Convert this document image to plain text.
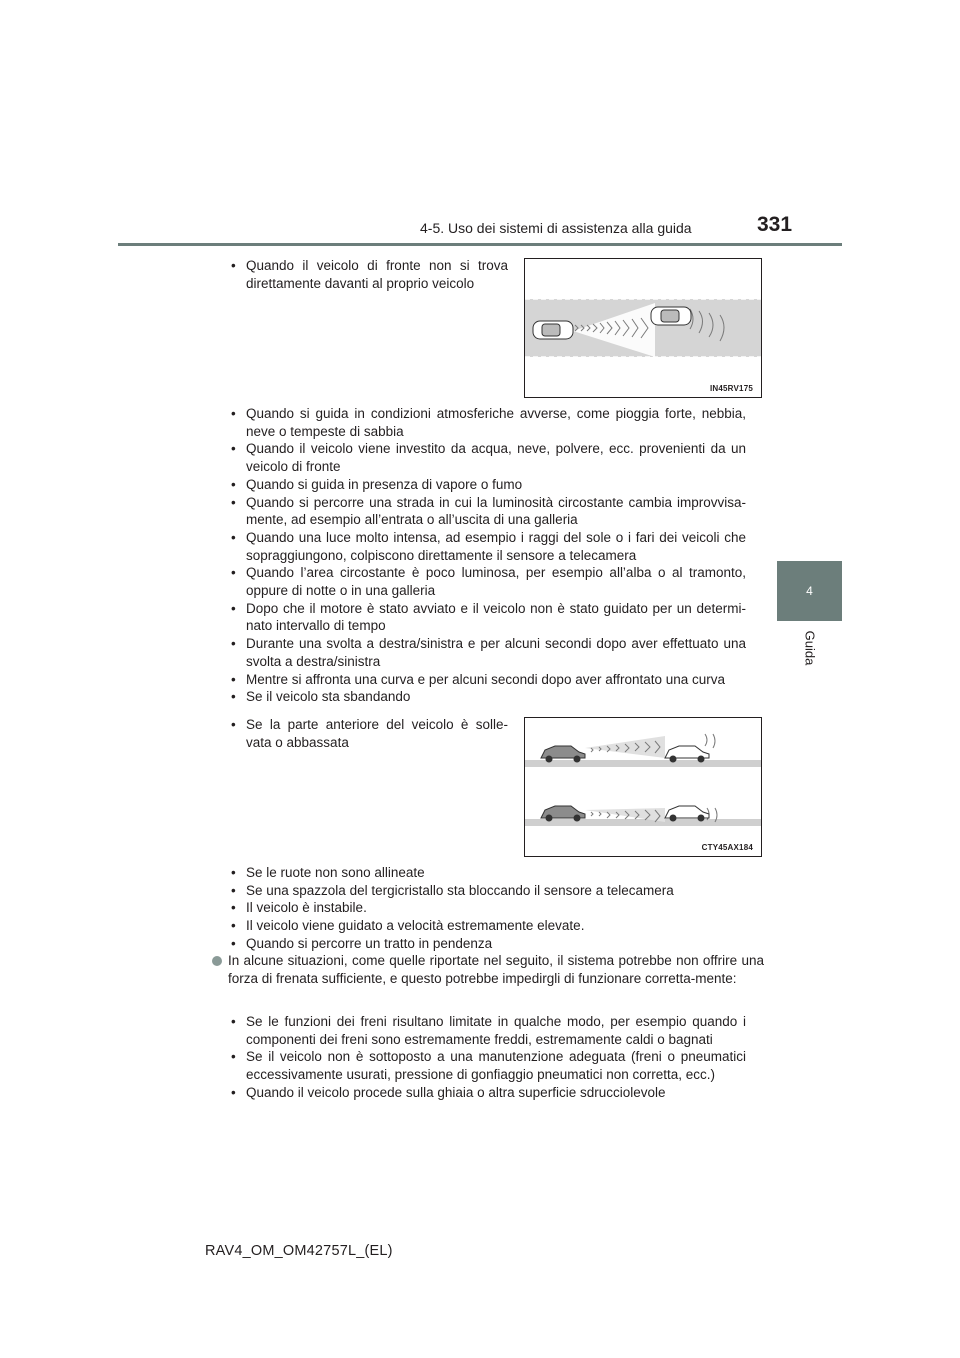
4-5. Uso dei sistemi di assistenza alla guida	331
4
Guida
• Quando il veicolo di fronte non si trova direttamente davanti al proprio veicolo
IN45RV175
• Quando si guida in condizioni atmosferiche avverse, come pioggia forte, nebbia, neve o tempeste di sabbia
• Quando il veicolo viene investito da acqua, neve, polvere, ecc. provenienti da un veicolo di fronte
• Quando si guida in presenza di vapore o fumo
• Quando si percorre una strada in cui la luminosità circostante cambia improvvisa-mente, ad esempio all’entrata o all’uscita di una galleria
• Quando una luce molto intensa, ad esempio i raggi del sole o i fari dei veicoli che sopraggiungono, colpiscono direttamente il sensore a telecamera
• Quando l’area circostante è poco luminosa, per esempio all’alba o al tramonto, oppure di notte o in una galleria
• Dopo che il motore è stato avviato e il veicolo non è stato guidato per un determi-nato intervallo di tempo
• Durante una svolta a destra/sinistra e per alcuni secondi dopo aver effettuato una svolta a destra/sinistra
• Mentre si affronta una curva e per alcuni secondi dopo aver affrontato una curva
• Se il veicolo sta sbandando
• Se la parte anteriore del veicolo è solle-vata o abbassata
CTY45AX184
• Se le ruote non sono allineate
• Se una spazzola del tergicristallo sta bloccando il sensore a telecamera
• Il veicolo è instabile.
• Il veicolo viene guidato a velocità estremamente elevate.
• Quando si percorre un tratto in pendenza
In alcune situazioni, come quelle riportate nel seguito, il sistema potrebbe non offrire una forza di frenata sufficiente, e questo potrebbe impedirgli di funzionare corretta-mente:
• Se le funzioni dei freni risultano limitate in qualche modo, per esempio quando i componenti dei freni sono estremamente freddi, estremamente caldi o bagnati
• Se il veicolo non è sottoposto a una manutenzione adeguata (freni o pneumatici eccessivamente usurati, pressione di gonfiaggio pneumatici non corretta, ecc.)
• Quando il veicolo procede sulla ghiaia o altra superficie sdrucciolevole
RAV4_OM_OM42757L_(EL)
